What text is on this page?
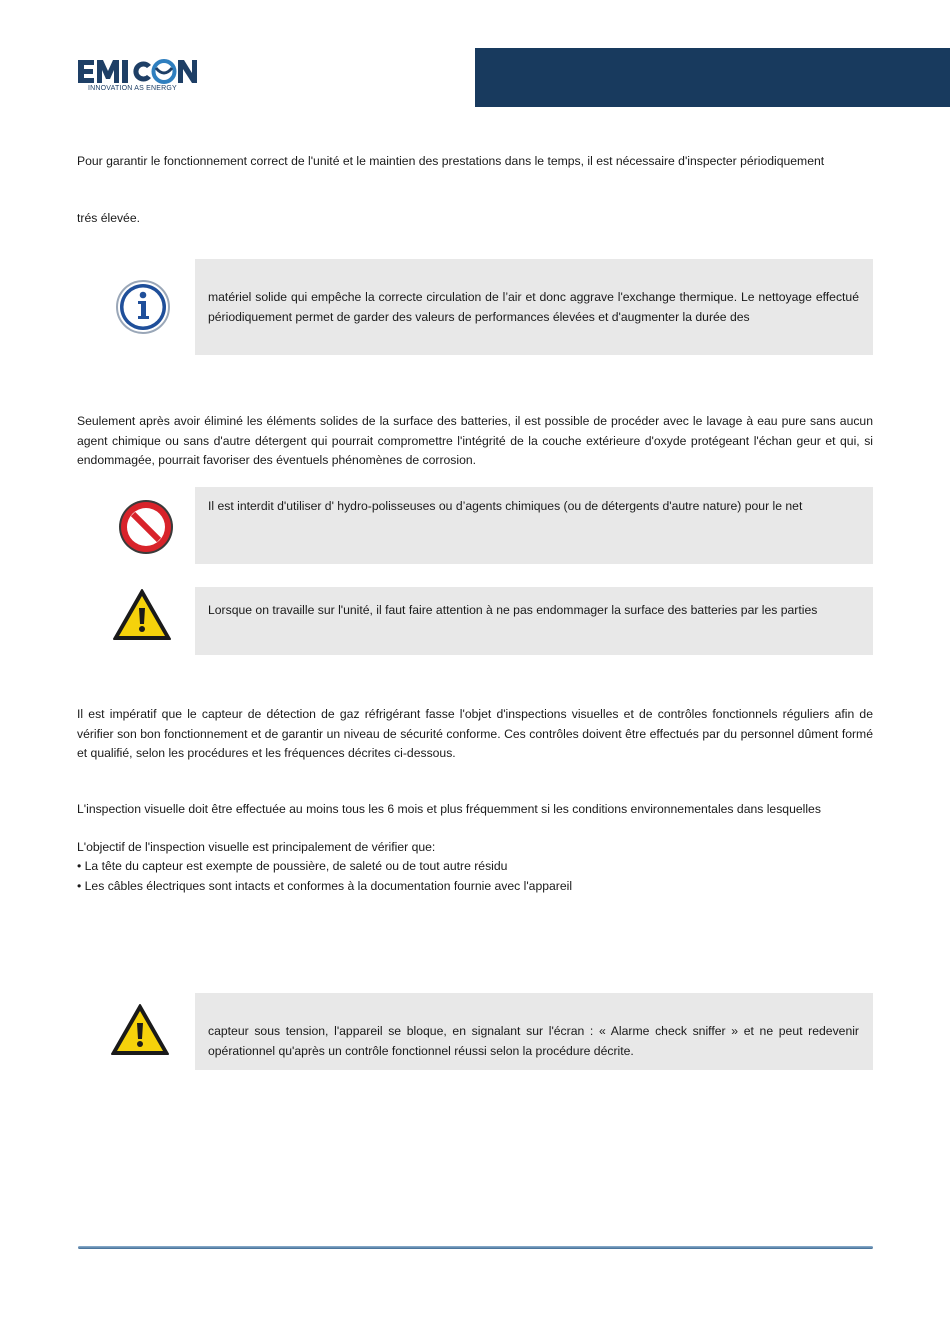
INNOVATION AS ENERGY

Pour garantir le fonctionnement correct de l'unité et le maintien des prestations dans le temps, il est nécessaire d'inspecter périodiquement

trés élevée.

matériel solide qui empêche la correcte circulation de l’air et donc aggrave l'exchange thermique. Le nettoyage effectué périodiquement permet de garder des valeurs de performances élevées et d'augmenter la durée des

Seulement après avoir éliminé les éléments solides de la surface des batteries, il est possible de procéder avec le lavage à eau pure sans aucun agent chimique ou sans d'autre détergent qui pourrait compromettre l'intégrité de la couche extérieure d'oxyde protégeant l'échan geur et qui, si endommagée, pourrait favoriser des éventuels phénomènes de corrosion.

Il est interdit d'utiliser d' hydro-polisseuses ou d’agents chimiques (ou de détergents d'autre nature) pour le net

Lorsque on travaille sur l'unité, il faut faire attention à ne pas endommager la surface des batteries par les parties

Il est impératif que le capteur de détection de gaz réfrigérant fasse l'objet d'inspections visuelles et de contrôles fonctionnels réguliers afin de vérifier son bon fonctionnement et de garantir un niveau de sécurité conforme. Ces contrôles doivent être effectués par du personnel dûment formé et qualifié, selon les procédures et les fréquences décrites ci-dessous.

L'inspection visuelle doit être effectuée au moins tous les 6 mois et plus fréquemment si les conditions environnementales dans lesquelles

L'objectif de l'inspection visuelle est principalement de vérifier que:

• La tête du capteur est exempte de poussière, de saleté ou de tout autre résidu
• Les câbles électriques sont intacts et conformes à la documentation fournie avec l'appareil

capteur sous tension, l'appareil se bloque, en signalant sur l'écran : « Alarme check sniffer » et ne peut redevenir opérationnel qu'après un contrôle fonctionnel réussi selon la procédure décrite.
